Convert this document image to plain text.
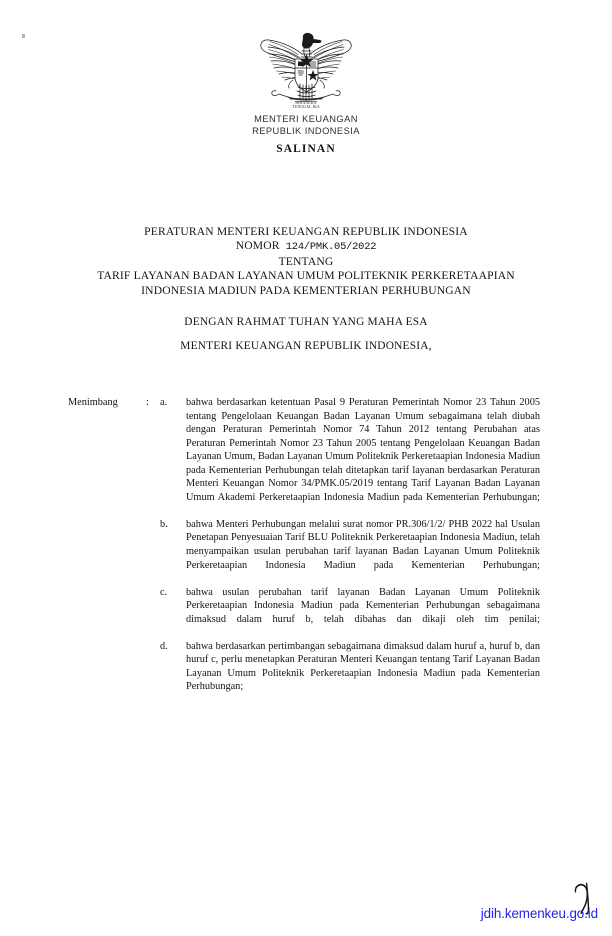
BHINNEKA
TUNGGAL IKA
MENTERI KEUANGAN
REPUBLIK INDONESIA
SALINAN
PERATURAN MENTERI KEUANGAN REPUBLIK INDONESIA
NOMOR 124/PMK.05/2022
TENTANG
TARIF LAYANAN BADAN LAYANAN UMUM POLITEKNIK PERKERETAAPIAN
INDONESIA MADIUN PADA KEMENTERIAN PERHUBUNGAN
DENGAN RAHMAT TUHAN YANG MAHA ESA
MENTERI KEUANGAN REPUBLIK INDONESIA,
Menimbang	:	a.	bahwa berdasarkan ketentuan Pasal 9 Peraturan Pemerintah Nomor 23 Tahun 2005 tentang Pengelolaan Keuangan Badan Layanan Umum sebagaimana telah diubah dengan Peraturan Pemerintah Nomor 74 Tahun 2012 tentang Perubahan atas Peraturan Pemerintah Nomor 23 Tahun 2005 tentang Pengelolaan Keuangan Badan Layanan Umum, Badan Layanan Umum Politeknik Perkeretaapian Indonesia Madiun pada Kementerian Perhubungan telah ditetapkan tarif layanan berdasarkan Peraturan Menteri Keuangan Nomor 34/PMK.05/2019 tentang Tarif Layanan Badan Layanan Umum Akademi Perkeretaapian Indonesia Madiun pada Kementerian Perhubungan;
b.	bahwa Menteri Perhubungan melalui surat nomor PR.306/1/2/ PHB 2022 hal Usulan Penetapan Penyesuaian Tarif BLU Politeknik Perkeretaapian Indonesia Madiun, telah menyampaikan usulan perubahan tarif layanan Badan Layanan Umum Politeknik Perkeretaapian Indonesia Madiun pada Kementerian Perhubungan;
c.	bahwa usulan perubahan tarif layanan Badan Layanan Umum Politeknik Perkeretaapian Indonesia Madiun pada Kementerian Perhubungan sebagaimana dimaksud dalam huruf b, telah dibahas dan dikaji oleh tim penilai;
d.	bahwa berdasarkan pertimbangan sebagaimana dimaksud dalam huruf a, huruf b, dan huruf c, perlu menetapkan Peraturan Menteri Keuangan tentang Tarif Layanan Badan Layanan Umum Politeknik Perkeretaapian Indonesia Madiun pada Kementerian Perhubungan;
jdih.kemenkeu.go.id
